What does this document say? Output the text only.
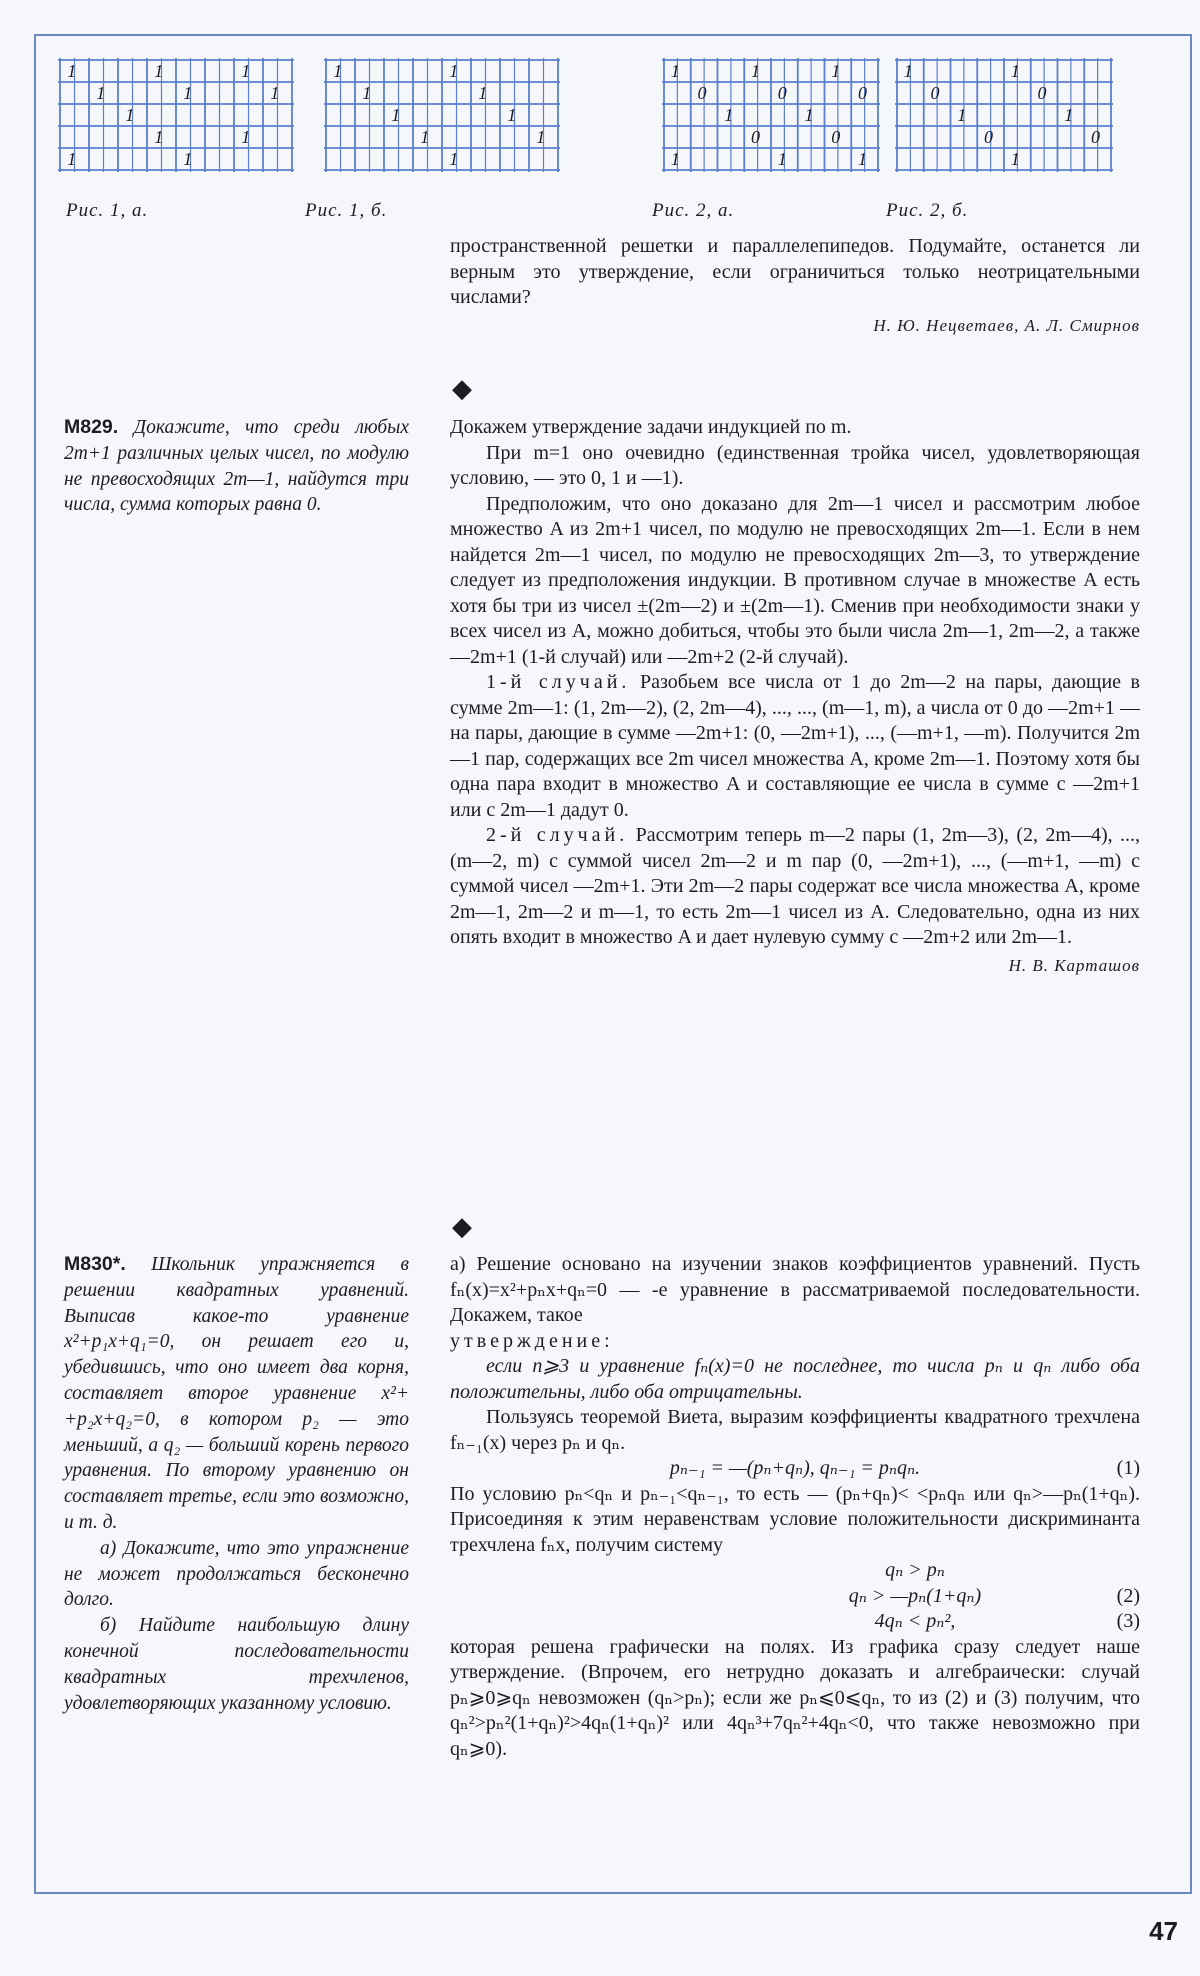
1	1	1
1	1	1
1
1	1
1	1
1	1
1	1
1	1
1	1
1
1	1	1
0	0	0
1	1
0	0
1	1	1
1	1
0	0
1	1
0	0
1
Рис. 1, а.	Рис. 1, б.	Рис. 2, а.	Рис. 2, б.

пространственной решетки и параллелепипедов. Подумайте, останется ли верным это утверждение, если ограничиться только неотрицательными числами?

Н. Ю. Нецветаев, А. Л. Смирнов
◆
M829. Докажите, что среди любых 2m+1 различных целых чисел, по модулю не превосходящих 2m—1, найдутся три числа, сумма которых равна 0.

Докажем утверждение задачи индукцией по m.

При m=1 оно очевидно (единственная тройка чисел, удовлетворяющая условию, — это 0, 1 и —1).

Предположим, что оно доказано для 2m—1 чисел и рассмотрим любое множество A из 2m+1 чисел, по модулю не превосходящих 2m—1. Если в нем найдется 2m—1 чисел, по модулю не превосходящих 2m—3, то утверждение следует из предположения индукции. В противном случае в множестве A есть хотя бы три из чисел ±(2m—2) и ±(2m—1). Сменив при необходимости знаки у всех чисел из A, можно добиться, чтобы это были числа 2m—1, 2m—2, а также —2m+1 (1-й случай) или —2m+2 (2-й случай).

1-й случай. Разобьем все числа от 1 до 2m—2 на пары, дающие в сумме 2m—1: (1, 2m—2), (2, 2m—4), ..., ..., (m—1, m), а числа от 0 до —2m+1 — на пары, дающие в сумме —2m+1: (0, —2m+1), ..., (—m+1, —m). Получится 2m—1 пар, содержащих все 2m чисел множества A, кроме 2m—1. Поэтому хотя бы одна пара входит в множество A и составляющие ее числа в сумме с —2m+1 или с 2m—1 дадут 0.

2-й случай. Рассмотрим теперь m—2 пары (1, 2m—3), (2, 2m—4), ..., (m—2, m) с суммой чисел 2m—2 и m пар (0, —2m+1), ..., (—m+1, —m) с суммой чисел —2m+1. Эти 2m—2 пары содержат все числа множества A, кроме 2m—1, 2m—2 и m—1, то есть 2m—1 чисел из A. Следовательно, одна из них опять входит в множество A и дает нулевую сумму с —2m+2 или 2m—1.

Н. В. Карташов
◆

M830*. Школьник упражняется в решении квадратных уравнений. Выписав какое-то уравнение x²+p₁x+q₁=0, он решает его и, убедившись, что оно имеет два корня, составляет второе уравнение x²+ +p₂x+q₂=0, в котором p₂ — это меньший, а q₂ — больший корень первого уравнения. По второму уравнению он составляет третье, если это возможно, и т. д.

а) Докажите, что это упражнение не может продолжаться бесконечно долго.

б) Найдите наибольшую длину конечной последовательности квадратных трехчленов, удовлетворяющих указанному условию.

а) Решение основано на изучении знаков коэффициентов уравнений. Пусть fₙ(x)=x²+pₙx+qₙ=0 — -е уравнение в рассматриваемой последовательности. Докажем, такое

утверждение:

если n⩾3 и уравнение fₙ(x)=0 не последнее, то числа pₙ и qₙ либо оба положительны, либо оба отрицательны.

Пользуясь теоремой Виета, выразим коэффициенты квадратного трехчлена fₙ₋₁(x) через pₙ и qₙ.

pₙ₋₁ = —(pₙ+qₙ), qₙ₋₁ = pₙqₙ.	(1)

По условию pₙ<qₙ и pₙ₋₁<qₙ₋₁, то есть — (pₙ+qₙ)< <pₙqₙ или qₙ>—pₙ(1+qₙ). Присоединяя к этим неравенствам условие положительности дискриминанта трехчлена fₙx, получим систему

qₙ > pₙ
qₙ > —pₙ(1+qₙ)	(2)
4qₙ < pₙ²,	(3)

которая решена графически на полях. Из графика сразу следует наше утверждение. (Впрочем, его нетрудно доказать и алгебраически: случай pₙ⩾0⩾qₙ невозможен (qₙ>pₙ); если же pₙ⩽0⩽qₙ, то из (2) и (3) получим, что qₙ²>pₙ²(1+qₙ)²>4qₙ(1+qₙ)² или 4qₙ³+7qₙ²+4qₙ<0, что также невозможно при qₙ⩾0).

47
